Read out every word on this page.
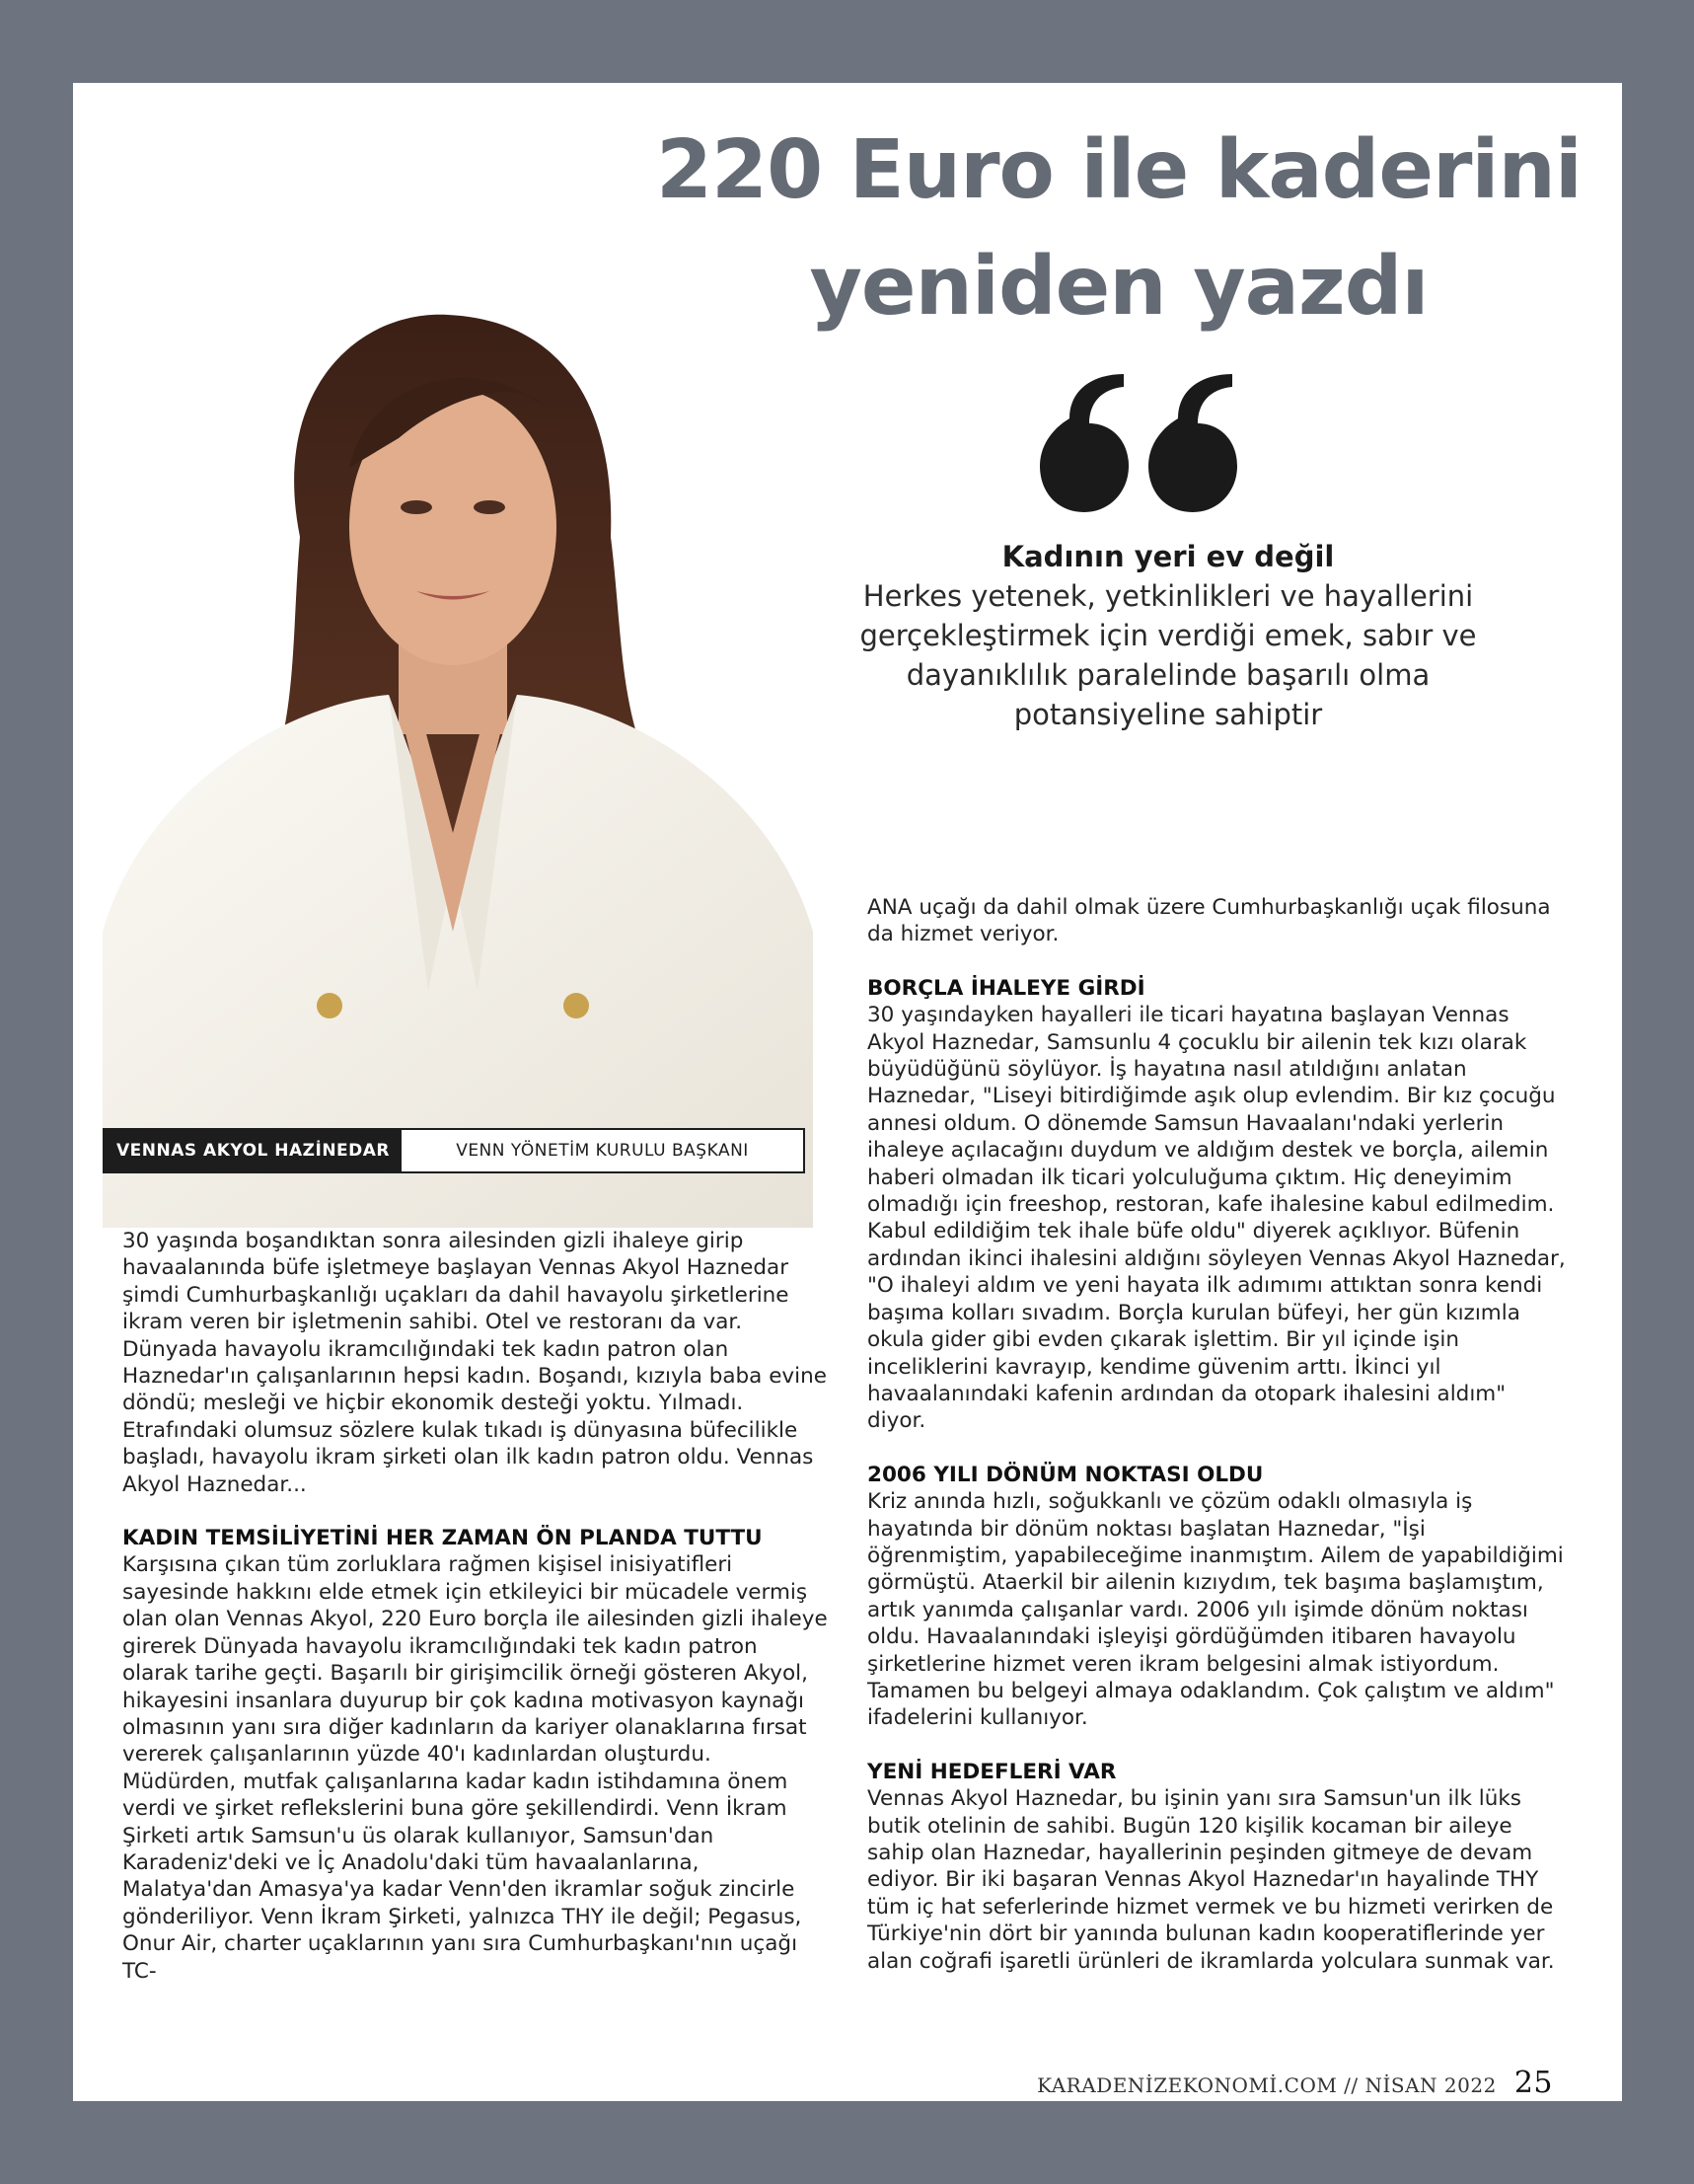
220 Euro ile kaderini
yeniden yazdı
Kadının yeri ev değil
Herkes yetenek, yetkinlikleri ve hayallerini
gerçekleştirmek için verdiği emek, sabır ve
dayanıklılık paralelinde başarılı olma
potansiyeline sahiptir
VENNAS AKYOL HAZİNEDAR	VENN YÖNETİM KURULU BAŞKANI

30 yaşında boşandıktan sonra ailesinden gizli ihaleye girip havaalanında büfe işletmeye başlayan Vennas Akyol Haznedar şimdi Cumhurbaşkanlığı uçakları da dahil havayolu şirketlerine ikram veren bir işletmenin sahibi. Otel ve restoranı da var. Dünyada havayolu ikramcılığındaki tek kadın patron olan Haznedar'ın çalışanlarının hepsi kadın. Boşandı, kızıyla baba evine döndü; mesleği ve hiçbir ekonomik desteği yoktu. Yılmadı. Etrafındaki olumsuz sözlere kulak tıkadı iş dünyasına büfecilikle başladı, havayolu ikram şirketi olan ilk kadın patron oldu. Vennas Akyol Haznedar...

KADIN TEMSİLİYETİNİ HER ZAMAN ÖN PLANDA TUTTU

Karşısına çıkan tüm zorluklara rağmen kişisel inisiyatifleri sayesinde hakkını elde etmek için etkileyici bir mücadele vermiş olan olan Vennas Akyol, 220 Euro borçla ile ailesinden gizli ihaleye girerek Dünyada havayolu ikramcılığındaki tek kadın patron olarak tarihe geçti. Başarılı bir girişimcilik örneği gösteren Akyol, hikayesini insanlara duyurup bir çok kadına motivasyon kaynağı olmasının yanı sıra diğer kadınların da kariyer olanaklarına fırsat vererek çalışanlarının yüzde 40'ı kadınlardan oluşturdu. Müdürden, mutfak çalışanlarına kadar kadın istihdamına önem verdi ve şirket reflekslerini buna göre şekillendirdi. Venn İkram Şirketi artık Samsun'u üs olarak kullanıyor, Samsun'dan Karadeniz'deki ve İç Anadolu'daki tüm havaalanlarına, Malatya'dan Amasya'ya kadar Venn'den ikramlar soğuk zincirle gönderiliyor. Venn İkram Şirketi, yalnızca THY ile değil; Pegasus, Onur Air, charter uçaklarının yanı sıra Cumhurbaşkanı'nın uçağı TC-

ANA uçağı da dahil olmak üzere Cumhurbaşkanlığı uçak filosuna da hizmet veriyor.

BORÇLA İHALEYE GİRDİ

30 yaşındayken hayalleri ile ticari hayatına başlayan Vennas Akyol Haznedar, Samsunlu 4 çocuklu bir ailenin tek kızı olarak büyüdüğünü söylüyor. İş hayatına nasıl atıldığını anlatan Haznedar, "Liseyi bitirdiğimde aşık olup evlendim. Bir kız çocuğu annesi oldum. O dönemde Samsun Havaalanı'ndaki yerlerin ihaleye açılacağını duydum ve aldığım destek ve borçla, ailemin haberi olmadan ilk ticari yolculuğuma çıktım. Hiç deneyimim olmadığı için freeshop, restoran, kafe ihalesine kabul edilmedim. Kabul edildiğim tek ihale büfe oldu" diyerek açıklıyor. Büfenin ardından ikinci ihalesini aldığını söyleyen Vennas Akyol Haznedar, "O ihaleyi aldım ve yeni hayata ilk adımımı attıktan sonra kendi başıma kolları sıvadım. Borçla kurulan büfeyi, her gün kızımla okula gider gibi evden çıkarak işlettim. Bir yıl içinde işin inceliklerini kavrayıp, kendime güvenim arttı. İkinci yıl havaalanındaki kafenin ardından da otopark ihalesini aldım" diyor.

2006 YILI DÖNÜM NOKTASI OLDU

Kriz anında hızlı, soğukkanlı ve çözüm odaklı olmasıyla iş hayatında bir dönüm noktası başlatan Haznedar, "İşi öğrenmiştim, yapabileceğime inanmıştım. Ailem de yapabildiğimi görmüştü. Ataerkil bir ailenin kızıydım, tek başıma başlamıştım, artık yanımda çalışanlar vardı. 2006 yılı işimde dönüm noktası oldu. Havaalanındaki işleyişi gördüğümden itibaren havayolu şirketlerine hizmet veren ikram belgesini almak istiyordum. Tamamen bu belgeyi almaya odaklandım. Çok çalıştım ve aldım" ifadelerini kullanıyor.

YENİ HEDEFLERİ VAR

Vennas Akyol Haznedar, bu işinin yanı sıra Samsun'un ilk lüks butik otelinin de sahibi. Bugün 120 kişilik kocaman bir aileye sahip olan Haznedar, hayallerinin peşinden gitmeye de devam ediyor. Bir iki başaran Vennas Akyol Haznedar'ın hayalinde THY tüm iç hat seferlerinde hizmet vermek ve bu hizmeti verirken de Türkiye'nin dört bir yanında bulunan kadın kooperatiflerinde yer alan coğrafi işaretli ürünleri de ikramlarda yolculara sunmak var.

KARADENİZEKONOMİ.COM // NİSAN 2022 25
